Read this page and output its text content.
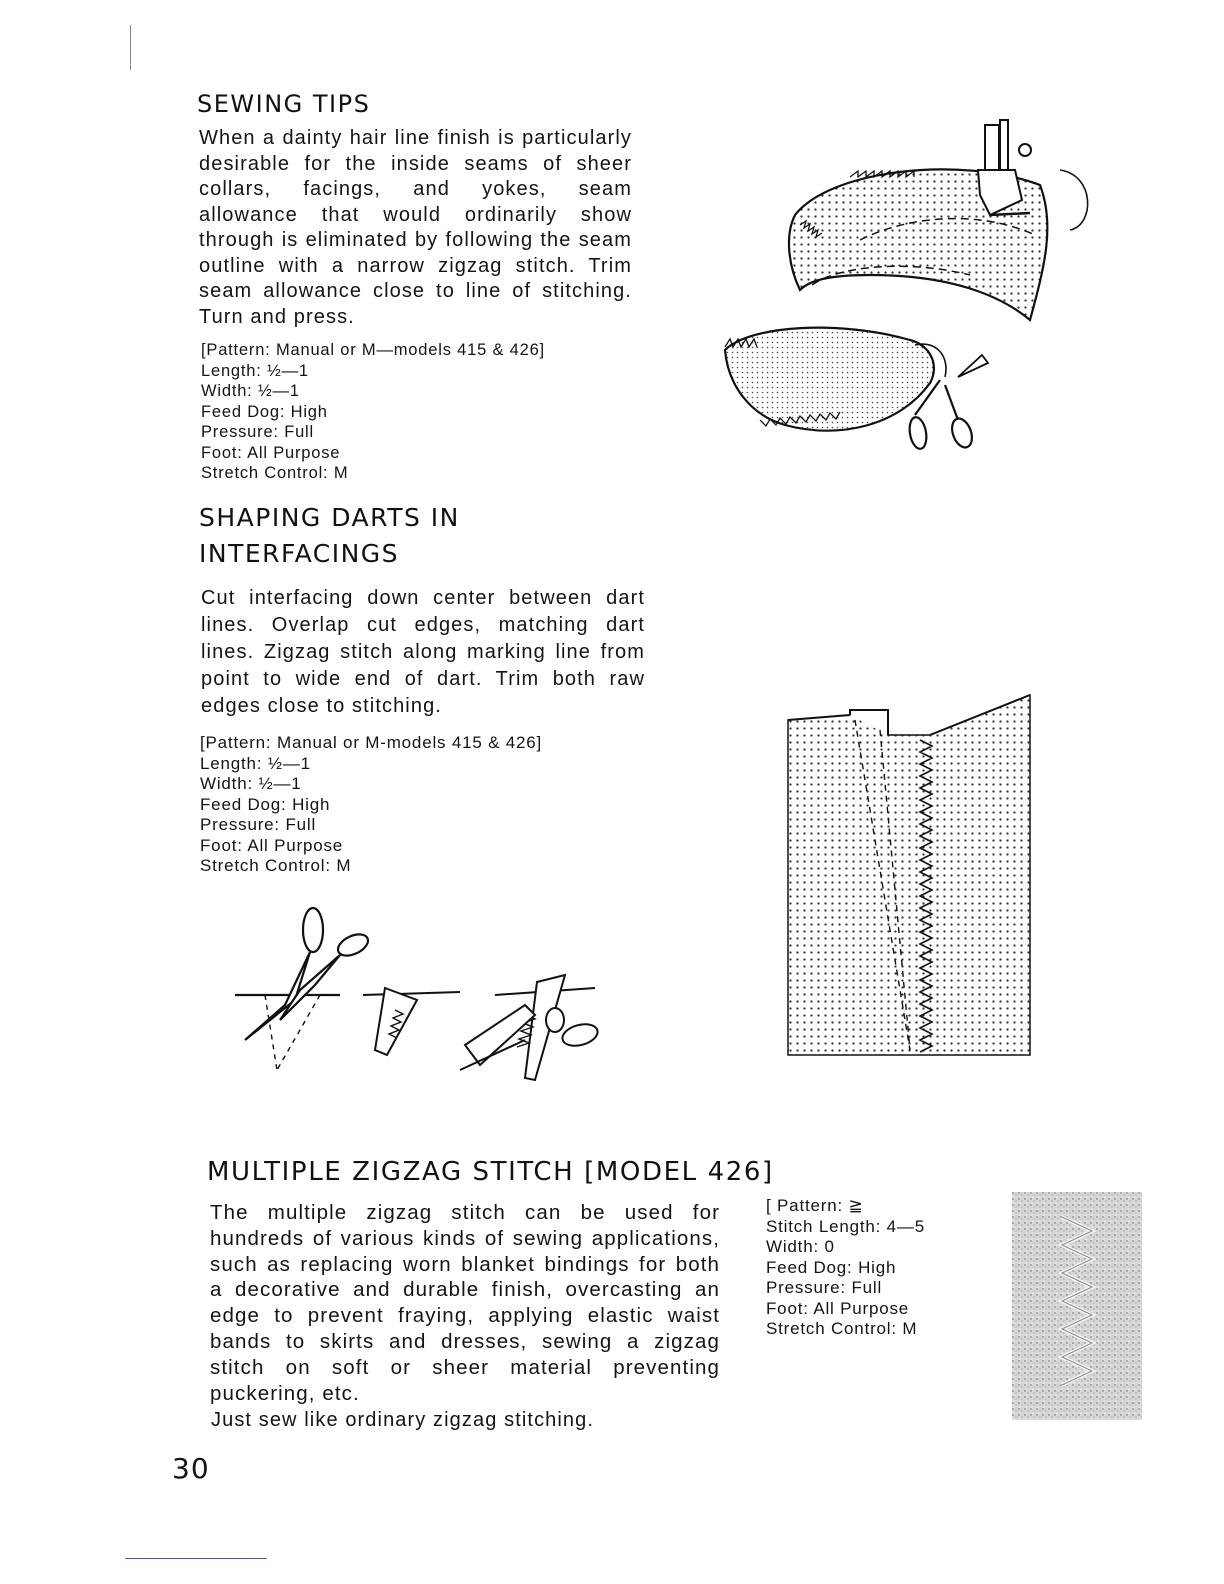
SEWING TIPS

When a dainty hair line finish is particularly desirable for the inside seams of sheer collars, facings, and yokes, seam allowance that would ordinarily show through is eliminated by following the seam outline with a narrow zigzag stitch. Trim seam allowance close to line of stitching. Turn and press.

[Pattern: Manual or M—models 415 & 426]
Length: ½—1
Width: ½—1
Feed Dog: High
Pressure: Full
Foot: All Purpose
Stretch Control: M
SHAPING DARTS IN
INTERFACINGS

Cut interfacing down center between dart lines. Overlap cut edges, matching dart lines. Zigzag stitch along marking line from point to wide end of dart. Trim both raw edges close to stitching.

[Pattern: Manual or M-models 415 & 426]
Length: ½—1
Width: ½—1
Feed Dog: High
Pressure: Full
Foot: All Purpose
Stretch Control: M
MULTIPLE ZIGZAG STITCH [MODEL 426]

The multiple zigzag stitch can be used for hundreds of various kinds of sewing applications, such as replacing worn blanket bindings for both a decorative and durable finish, overcasting an edge to prevent fraying, applying elastic waist bands to skirts and dresses, sewing a zigzag stitch on soft or sheer material preventing puckering, etc.

Just sew like ordinary zigzag stitching.

[ Pattern: ≧
Stitch Length: 4—5
Width: 0
Feed Dog: High
Pressure: Full
Foot: All Purpose
Stretch Control: M
30
